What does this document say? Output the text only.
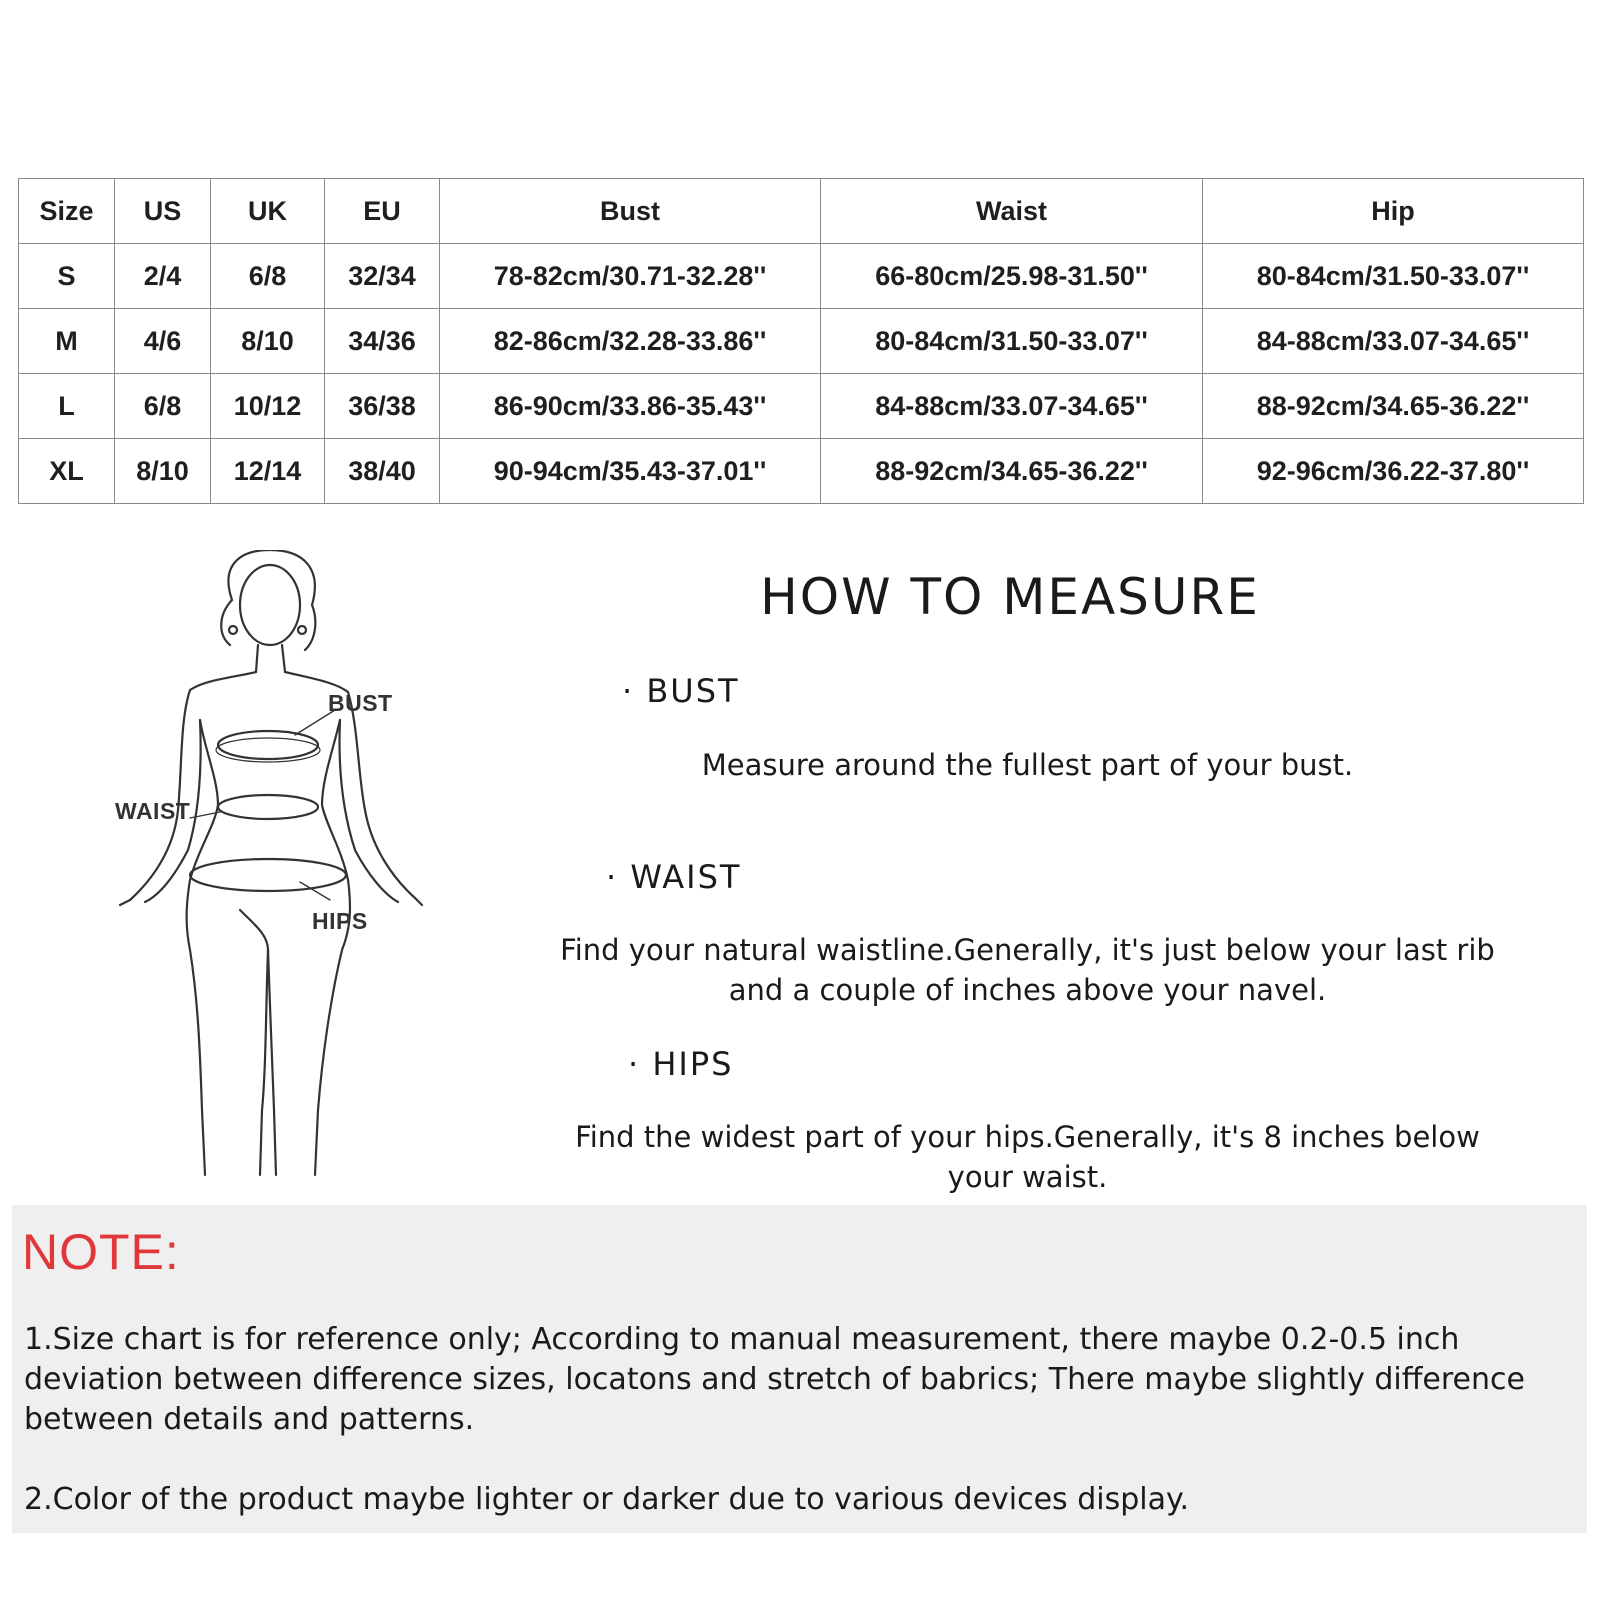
Size	US	UK	EU	Bust	Waist	Hip
S	2/4	6/8	32/34	78-82cm/30.71-32.28''	66-80cm/25.98-31.50''	80-84cm/31.50-33.07''
M	4/6	8/10	34/36	82-86cm/32.28-33.86''	80-84cm/31.50-33.07''	84-88cm/33.07-34.65''
L	6/8	10/12	36/38	86-90cm/33.86-35.43''	84-88cm/33.07-34.65''	88-92cm/34.65-36.22''
XL	8/10	12/14	38/40	90-94cm/35.43-37.01''	88-92cm/34.65-36.22''	92-96cm/36.22-37.80''
BUST
WAIST
HIPS
HOW TO MEASURE
· BUST
Measure around the fullest part of your bust.
· WAIST
Find your natural waistline.Generally, it's just below your last rib
and a couple of inches above your navel.
· HIPS
Find the widest part of your hips.Generally, it's 8 inches below
your waist.
NOTE:
1.Size chart is for reference only; According to manual measurement, there maybe 0.2-0.5 inch
deviation between difference sizes, locatons and stretch of babrics; There maybe slightly difference
between details and patterns.
2.Color of the product maybe lighter or darker due to various devices display.
